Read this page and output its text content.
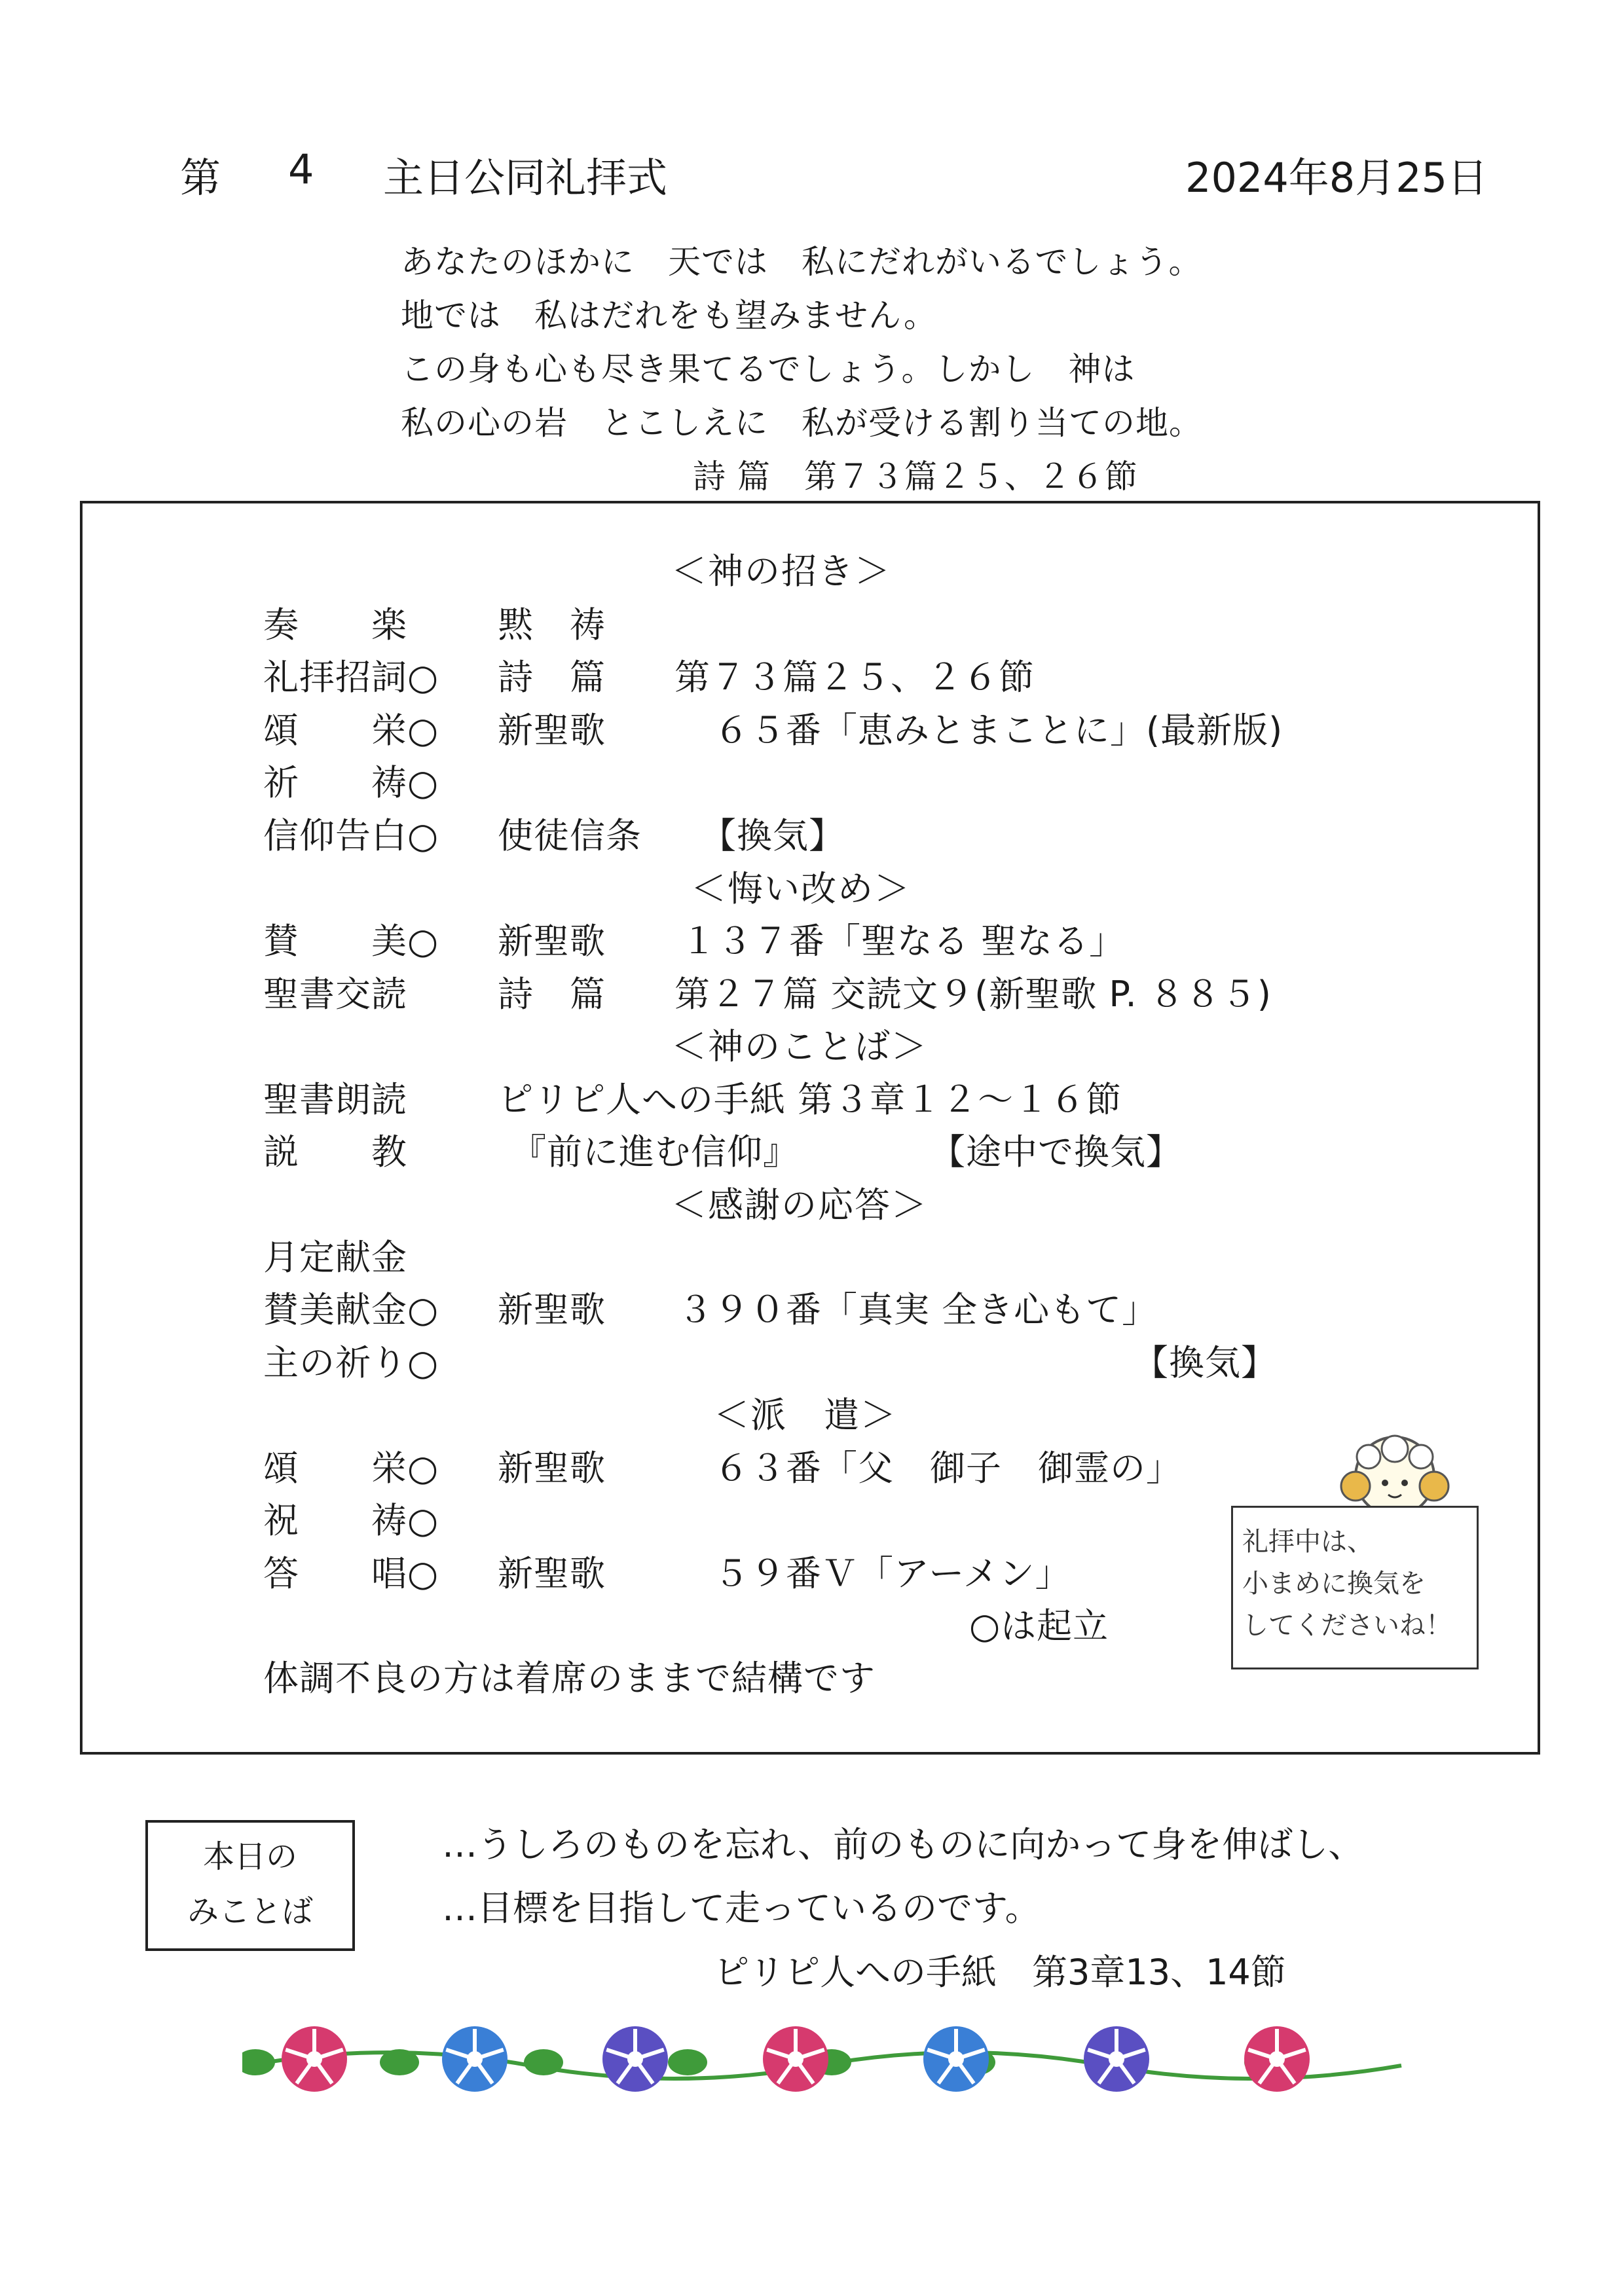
第 4 主日公同礼拝式	2024年8月25日
あなたのほかに　天では　私にだれがいるでしょう。
地では　私はだれをも望みません。
この身も心も尽き果てるでしょう。しかし　神は
私の心の岩　とこしえに　私が受ける割り当ての地。
詩 篇　第７３篇２５、２６節
＜神の招き＞
奏　　楽	黙　祷
礼拝招詞○ 詩　篇 第７３篇２５、２６節
頌　　栄○ 新聖歌	６５番「恵みとまことに」(最新版)
祈　　祷○
信仰告白○ 使徒信条 【換気】
＜悔い改め＞
賛　　美○ 新聖歌 １３７番「聖なる 聖なる」
聖書交読	詩　篇 第２７篇 交読文９(新聖歌 P. ８８５)
＜神のことば＞
聖書朗読	ピリピ人への手紙 第３章１２～１６節
説　　教	『前に進む信仰』	【途中で換気】
＜感謝の応答＞
月定献金
賛美献金○ 新聖歌 ３９０番「真実 全き心もて」
主の祈り○	【換気】
＜派　遣＞
頌　　栄○ 新聖歌	６３番「父　御子　御霊の」
祝　　祷○
答　　唱○ 新聖歌	５９番Ｖ「アーメン」
○は起立
体調不良の方は着席のままで結構です
礼拝中は、
小まめに換気を
してくださいね！
本日の
みことば
…うしろのものを忘れ、前のものに向かって身を伸ばし、
…目標を目指して走っているのです。
ピリピ人への手紙　第3章13、14節
